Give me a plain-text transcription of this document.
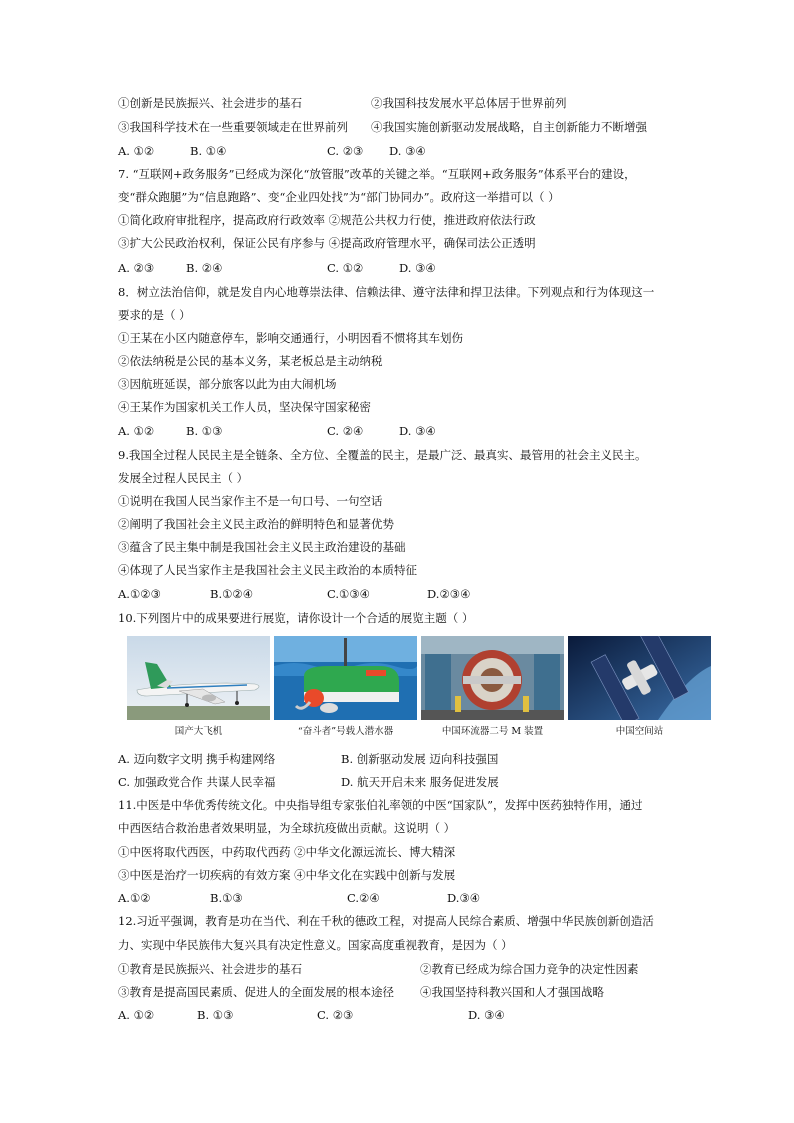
①创新是民族振兴、社会进步的基石	②我国科技发展水平总体居于世界前列
③我国科学技术在一些重要领域走在世界前列 ④我国实施创新驱动发展战略，自主创新能力不断增强
A. ①②	B. ①④	C. ②③ D. ③④
7. “互联网+政务服务”已经成为深化“放管服”改革的关键之举。“互联网+政务服务”体系平台的建设，
变“群众跑腿”为“信息跑路”、变“企业四处找”为“部门协同办”。政府这一举措可以（ ）
①简化政府审批程序，提高政府行政效率 ②规范公共权力行使，推进政府依法行政
③扩大公民政治权利，保证公民有序参与 ④提高政府管理水平，确保司法公正透明
A. ②③	B. ②④	C. ①②	D. ③④
8．树立法治信仰，就是发自内心地尊崇法律、信赖法律、遵守法律和捍卫法律。下列观点和行为体现这一
要求的是（ ）
①王某在小区内随意停车，影响交通通行，小明因看不惯将其车划伤
②依法纳税是公民的基本义务，某老板总是主动纳税
③因航班延误，部分旅客以此为由大闹机场
④王某作为国家机关工作人员，坚决保守国家秘密
A. ①②	B. ①③	C. ②④	D. ③④
9.我国全过程人民民主是全链条、全方位、全覆盖的民主，是最广泛、最真实、最管用的社会主义民主。
发展全过程人民民主（ ）
①说明在我国人民当家作主不是一句口号、一句空话
②阐明了我国社会主义民主政治的鲜明特色和显著优势
③蕴含了民主集中制是我国社会主义民主政治建设的基础
④体现了人民当家作主是我国社会主义民主政治的本质特征
A.①②③	B.①②④	C.①③④	D.②③④
10.下列图片中的成果要进行展览，请你设计一个合适的展览主题（ ）
国产大飞机	“奋斗者”号载人潜水器	中国环流器二号 M 装置	中国空间站
A. 迈向数字文明 携手构建网络	B. 创新驱动发展 迈向科技强国
C. 加强政党合作 共谋人民幸福	D. 航天开启未来 服务促进发展
11.中医是中华优秀传统文化。中央指导组专家张伯礼率领的中医“国家队”，发挥中医药独特作用，通过
中西医结合救治患者效果明显，为全球抗疫做出贡献。这说明（ ）
①中医将取代西医，中药取代西药 ②中华文化源远流长、博大精深
③中医是治疗一切疾病的有效方案 ④中华文化在实践中创新与发展
A.①②	B.①③	C.②④	D.③④
12.习近平强调，教育是功在当代、利在千秋的德政工程，对提高人民综合素质、增强中华民族创新创造活
力、实现中华民族伟大复兴具有决定性意义。国家高度重视教育，是因为（ ）
①教育是民族振兴、社会进步的基石	②教育已经成为综合国力竞争的决定性因素
③教育是提高国民素质、促进人的全面发展的根本途径 ④我国坚持科教兴国和人才强国战略
A. ①②	B. ①③	C. ②③	D. ③④
